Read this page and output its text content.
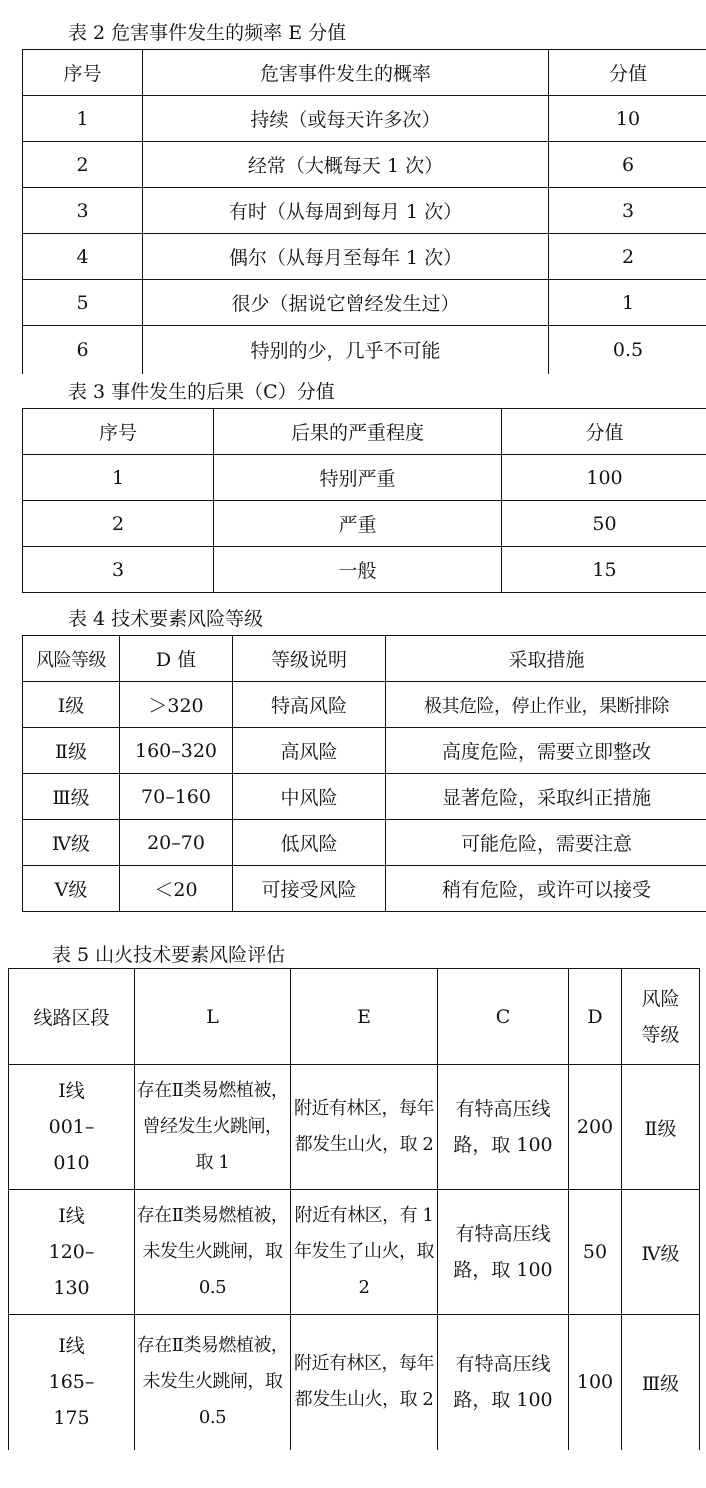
表 2 危害事件发生的频率 E 分值
序号	危害事件发生的概率	分值
1	持续（或每天许多次）	10
2	经常（大概每天 1 次）	6
3	有时（从每周到每月 1 次）	3
4	偶尔（从每月至每年 1 次）	2
5	很少（据说它曾经发生过）	1
6	特别的少，几乎不可能	0.5
表 3 事件发生的后果（C）分值
序号	后果的严重程度	分值
1	特别严重	100
2	严重	50
3	一般	15
表 4 技术要素风险等级
风险等级	D 值	等级说明	采取措施
Ⅰ级	＞320	特高风险	极其危险，停止作业，果断排除
Ⅱ级	160–320	高风险	高度危险，需要立即整改
Ⅲ级	70–160	中风险	显著危险，采取纠正措施
Ⅳ级	20–70	低风险	可能危险，需要注意
Ⅴ级	＜20	可接受风险	稍有危险，或许可以接受
表 5 山火技术要素风险评估
线路区段	L	E	C	D	风险等级
Ⅰ线 001–010	存在Ⅱ类易燃植被，曾经发生火跳闸，取 1	附近有林区，每年都发生山火，取 2	有特高压线路，取 100	200	Ⅱ级
Ⅰ线 120–130	存在Ⅱ类易燃植被，未发生火跳闸，取 0.5	附近有林区，有 1 年发生了山火，取 2	有特高压线路，取 100	50	Ⅳ级
Ⅰ线 165–175	存在Ⅱ类易燃植被，未发生火跳闸，取 0.5	附近有林区，每年都发生山火，取 2	有特高压线路，取 100	100	Ⅲ级
